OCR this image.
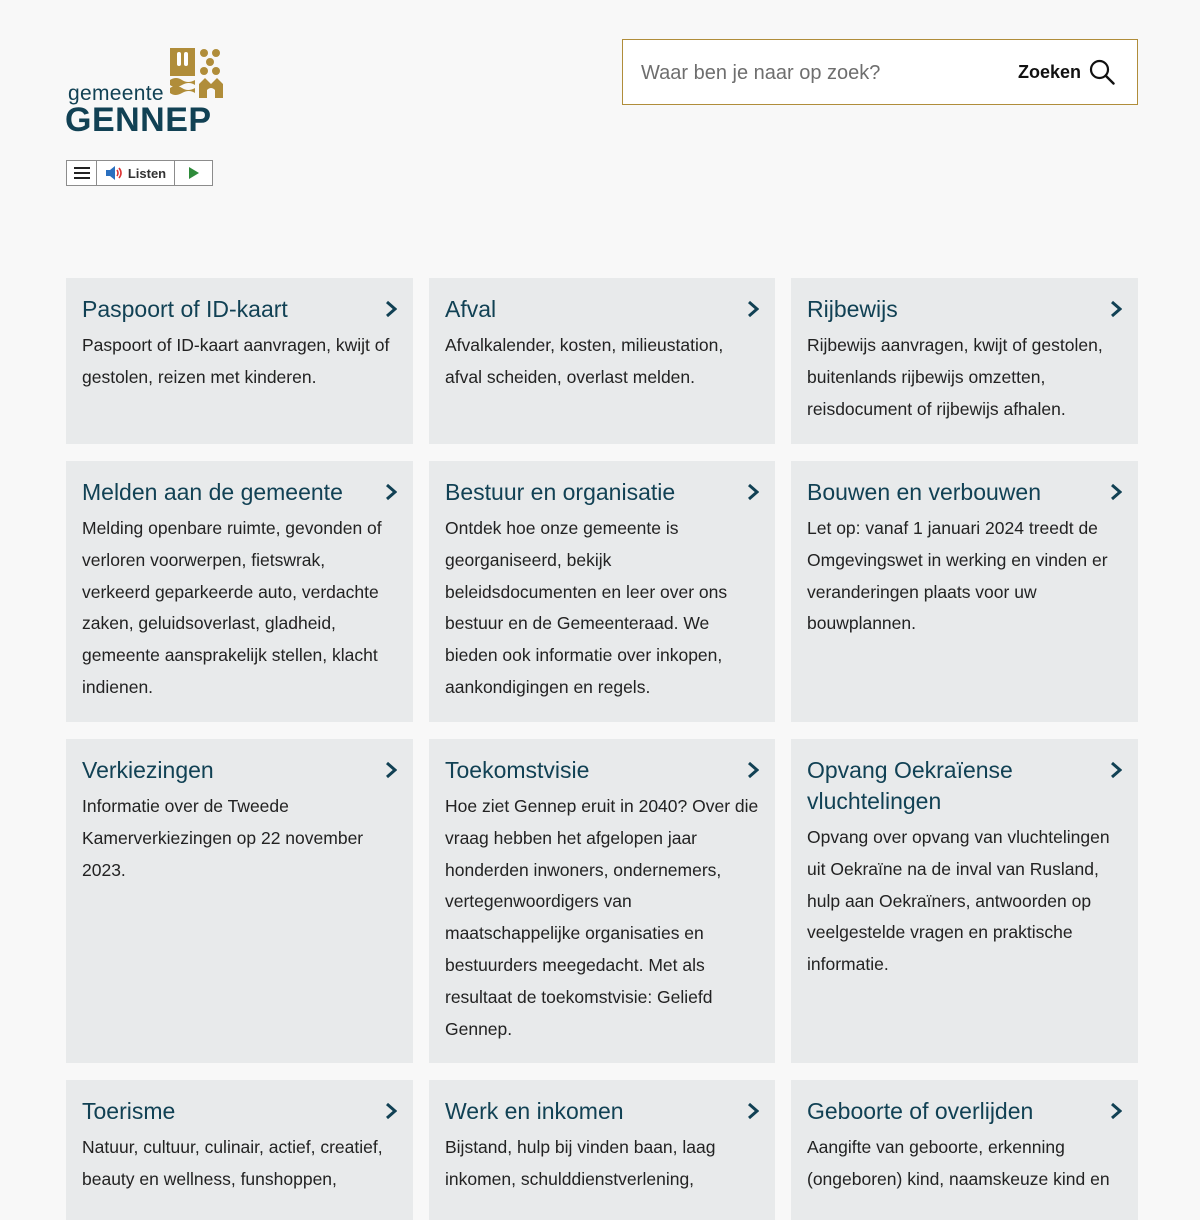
gemeente
GENNEP
Listen
Waar ben je naar op zoek?
Zoeken
Paspoort of ID-kaart
Paspoort of ID-kaart aanvragen, kwijt of gestolen, reizen met kinderen.
Afval
Afvalkalender, kosten, milieustation, afval scheiden, overlast melden.
Rijbewijs
Rijbewijs aanvragen, kwijt of gestolen, buitenlands rijbewijs omzetten, reisdocument of rijbewijs afhalen.
Melden aan de gemeente
Melding openbare ruimte, gevonden of verloren voorwerpen, fietswrak, verkeerd geparkeerde auto, verdachte zaken, geluidsoverlast, gladheid, gemeente aansprakelijk stellen, klacht indienen.
Bestuur en organisatie
Ontdek hoe onze gemeente is georganiseerd, bekijk beleidsdocumenten en leer over ons bestuur en de Gemeenteraad. We bieden ook informatie over inkopen, aankondigingen en regels.
Bouwen en verbouwen
Let op: vanaf 1 januari 2024 treedt de Omgevingswet in werking en vinden er veranderingen plaats voor uw bouwplannen.
Verkiezingen
Informatie over de Tweede Kamerverkiezingen op 22 november 2023.
Toekomstvisie
Hoe ziet Gennep eruit in 2040? Over die vraag hebben het afgelopen jaar honderden inwoners, ondernemers, vertegenwoordigers van maatschappelijke organisaties en bestuurders meegedacht. Met als resultaat de toekomstvisie: Geliefd Gennep.
Opvang Oekraïense vluchtelingen
Opvang over opvang van vluchtelingen uit Oekraïne na de inval van Rusland, hulp aan Oekraïners, antwoorden op veelgestelde vragen en praktische informatie.
Toerisme
Natuur, cultuur, culinair, actief, creatief, beauty en wellness, funshoppen,
Werk en inkomen
Bijstand, hulp bij vinden baan, laag inkomen, schulddienstverlening,
Geboorte of overlijden
Aangifte van geboorte, erkenning (ongeboren) kind, naamskeuze kind en
